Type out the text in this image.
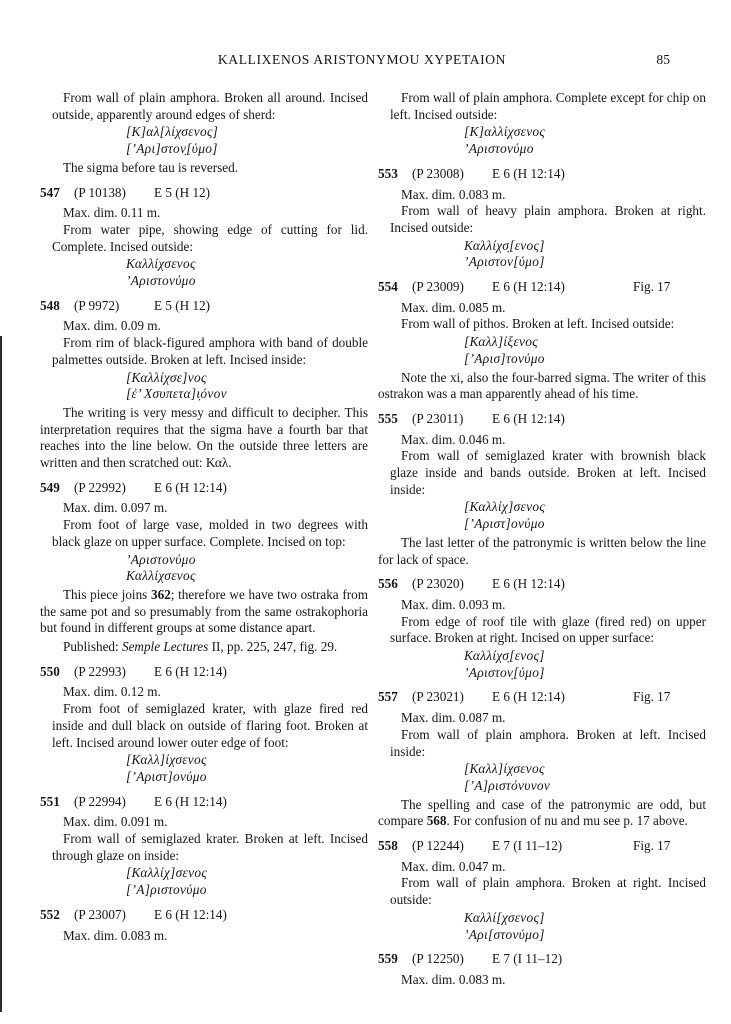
KALLIXENOS ARISTONYMOU XYPETAION	85

From wall of plain amphora. Broken all around. Incised outside, apparently around edges of sherd:

[Κ]αλ[λίχσενος]
[’Αρι]στον̣[ύμο]

The sigma before tau is reversed.

547 (P 10138) E 5 (H 12)
Max. dim. 0.11 m.

From water pipe, showing edge of cutting for lid. Complete. Incised outside:

Καλλίχσενος
’Αριστονύμο
548 (P 9972)	E 5 (H 12)
Max. dim. 0.09 m.

From rim of black-figured amphora with band of double palmettes outside. Broken at left. Incised inside:

[Καλλίχσε]νος
[ἐ’ Χσυπετα]ι̣όνον

The writing is very messy and difficult to decipher. This interpretation requires that the sigma have a fourth bar that reaches into the line below. On the outside three letters are written and then scratched out: Καλ.

549 (P 22992) E 6 (H 12:14)
Max. dim. 0.097 m.

From foot of large vase, molded in two degrees with black glaze on upper surface. Complete. Incised on top:

’Αριστονύμο
Καλλίχσενος

This piece joins 362; therefore we have two ostraka from the same pot and so presumably from the same ostrakophoria but found in different groups at some distance apart.

Published: Semple Lectures II, pp. 225, 247, fig. 29.

550 (P 22993) E 6 (H 12:14)
Max. dim. 0.12 m.

From foot of semiglazed krater, with glaze fired red inside and dull black on outside of flaring foot. Broken at left. Incised around lower outer edge of foot:

[Καλλ]ίχσενος
[’Αριστ]ονύμο
551 (P 22994) E 6 (H 12:14)
Max. dim. 0.091 m.

From wall of semiglazed krater. Broken at left. Incised through glaze on inside:

[Καλλίχ]σενος
[’Α]ριστονύμο
552 (P 23007) E 6 (H 12:14)
Max. dim. 0.083 m.

From wall of plain amphora. Complete except for chip on left. Incised outside:

[Κ]αλλίχσενος
’Αριστονύμο
553 (P 23008) E 6 (H 12:14)
Max. dim. 0.083 m.

From wall of heavy plain amphora. Broken at right. Incised outside:

Καλλίχσ̣[ενος]
’Αριστον[ύμο]
554 (P 23009) E 6 (H 12:14)	Fig. 17
Max. dim. 0.085 m.

From wall of pithos. Broken at left. Incised outside:

[Καλλ]ίξενος
[’Αρισ]τονύμο

Note the xi, also the four-barred sigma. The writer of this ostrakon was a man apparently ahead of his time.

555 (P 23011) E 6 (H 12:14)
Max. dim. 0.046 m.

From wall of semiglazed krater with brownish black glaze inside and bands outside. Broken at left. Incised inside:

[Καλλίχ]σενος
[’Αριστ]ονύμο

The last letter of the patronymic is written below the line for lack of space.

556 (P 23020) E 6 (H 12:14)
Max. dim. 0.093 m.

From edge of roof tile with glaze (fired red) on upper surface. Broken at right. Incised on upper surface:

Καλλίχσ̣[ενος]
’Αριστον̣[ύμο]
557 (P 23021) E 6 (H 12:14)	Fig. 17
Max. dim. 0.087 m.

From wall of plain amphora. Broken at left. Incised inside:

[Καλλ]ίχσενος
[’Α]ριστόνυνον

The spelling and case of the patronymic are odd, but compare 568. For confusion of nu and mu see p. 17 above.

558 (P 12244) E 7 (I 11–12)	Fig. 17
Max. dim. 0.047 m.

From wall of plain amphora. Broken at right. Incised outside:

Καλλί[χσενος]
’Αρι[στονύμο]
559 (P 12250) E 7 (I 11–12)
Max. dim. 0.083 m.
